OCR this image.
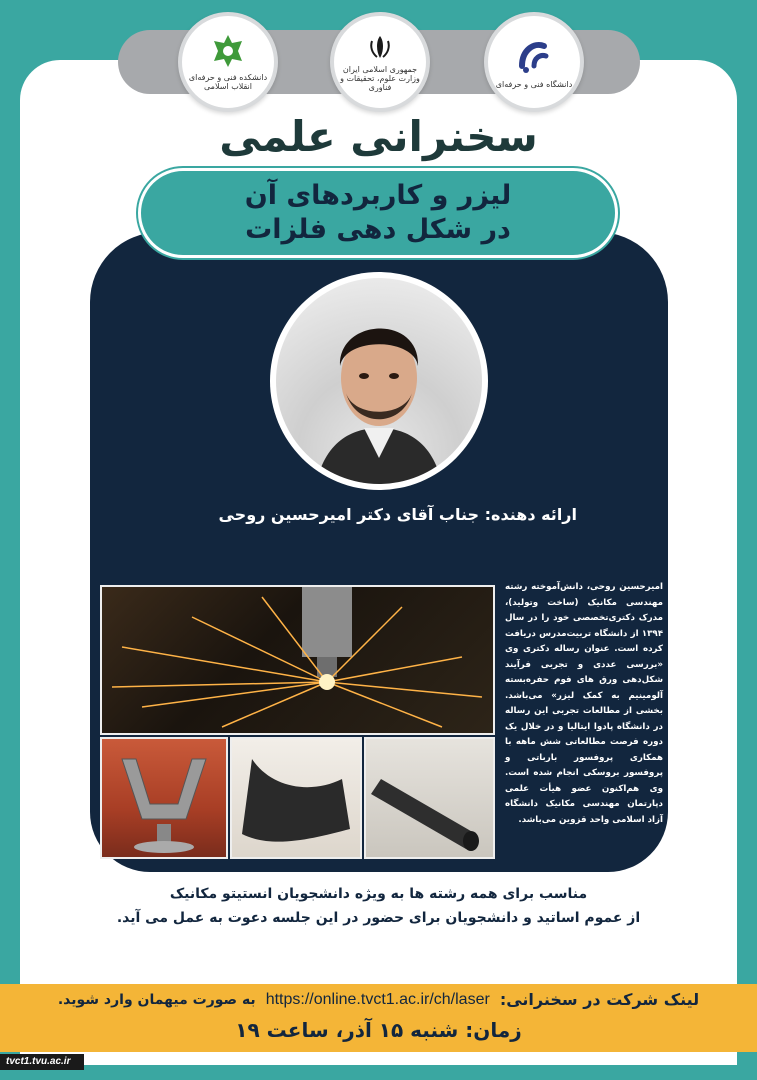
دانشکده فنی و حرفه‌ای انقلاب اسلامی
جمهوری اسلامی ایران وزارت علوم، تحقیقات و فناوری	دانشگاه فنی و حرفه‌ای
سخنرانی علمی
لیزر و کاربردهای آن
در شکل دهی فلزات
ارائه دهنده: جناب آقای دکتر امیرحسین روحی
امیرحسین روحی، دانش‌آموخته رشته مهندسی مکانیک (ساخت وتولید)، مدرک دکتری‌تخصصی خود را در سال ۱۳۹۴ از دانشگاه تربیت‌مدرس دریافت کرده است. عنوان رساله دکتری وی «بررسی عددی و تجربی فرآیند شکل‌دهی ورق های فوم حفره‌بسته آلومینیم به کمک لیزر» می‌باشد. بخشی از مطالعات تجربی این رساله در دانشگاه پادوا ایتالیا و در خلال یک دوره فرصت مطالعاتی شش ماهه با همکاری پروفسور بارباتی و پروفسور بروسکی انجام شده است. وی هم‌اکنون عضو هیأت علمی دپارتمان مهندسی مکانیک دانشگاه آزاد اسلامی واحد قزوین می‌باشد.
مناسب برای همه رشته ها به ویژه دانشجویان انستیتو مکانیک
از عموم اساتید و دانشجویان برای حضور در این جلسه دعوت به عمل می آید.
لینک شرکت در سخنرانی:
https://online.tvct1.ac.ir/ch/laser
به صورت میهمان وارد شوید.
زمان: شنبه ۱۵ آذر، ساعت ۱۹
tvct1.tvu.ac.ir
